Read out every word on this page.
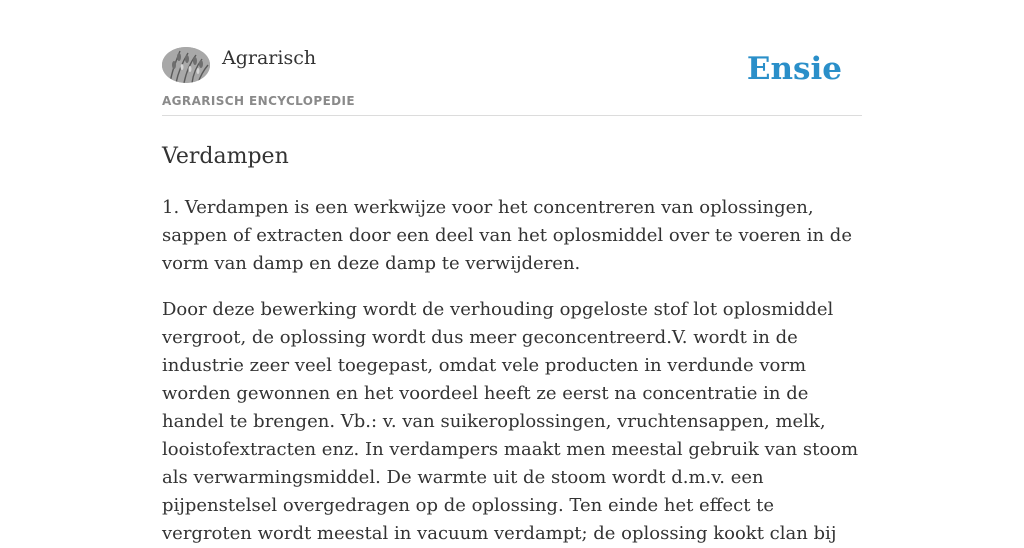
Agrarisch
AGRARISCH ENCYCLOPEDIE
Ensie
Verdampen

1. Verdampen is een werkwijze voor het concentreren van oplossingen, sappen of extracten door een deel van het oplosmiddel over te voeren in de vorm van damp en deze damp te verwijderen.

Door deze bewerking wordt de verhouding opgeloste stof lot oplosmiddel vergroot, de oplossing wordt dus meer geconcentreerd.V. wordt in de industrie zeer veel toegepast, omdat vele producten in verdunde vorm worden gewonnen en het voordeel heeft ze eerst na concentratie in de handel te brengen. Vb.: v. van suikeroplossingen, vruchtensappen, melk, looistofextracten enz. In verdampers maakt men meestal gebruik van stoom als verwarmingsmiddel. De warmte uit de stoom wordt d.m.v. een pijpenstelsel overgedragen op de oplossing. Ten einde het effect te vergroten wordt meestal in vacuum verdampt; de oplossing kookt clan bij
